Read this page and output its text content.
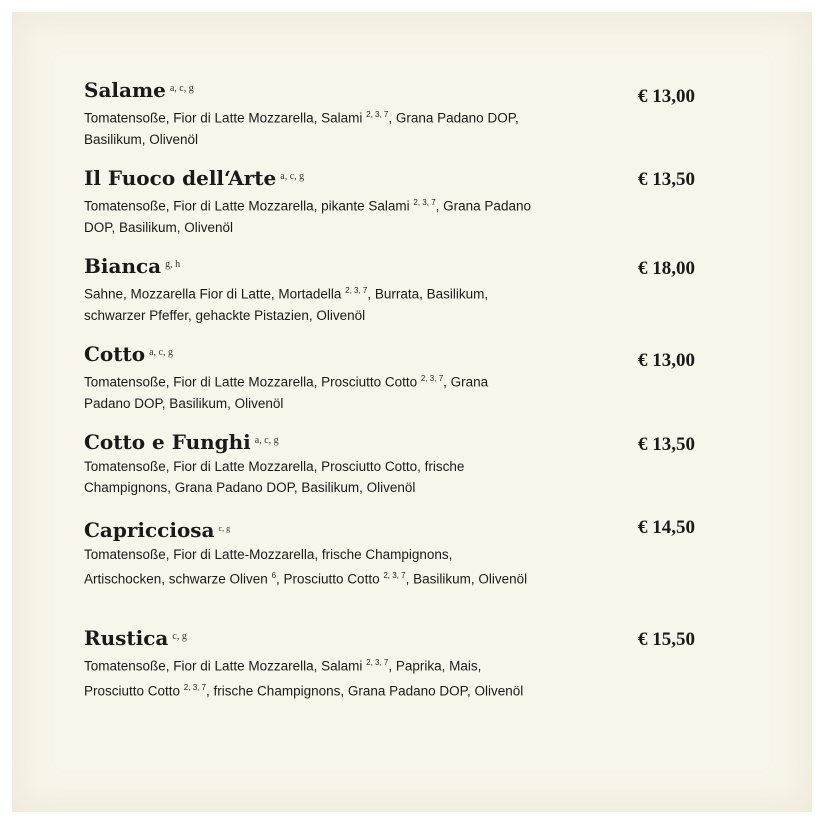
Salame $^{a, c, g}$
Tomatensoße, Fior di Latte Mozzarella, Salami $^{2, 3, 7}$, Grana Padano DOP, Basilikum, Olivenöl
€ 13,00
Il Fuoco dell‘Arte $^{a, c, g}$
Tomatensoße, Fior di Latte Mozzarella, pikante Salami $^{2, 3, 7}$, Grana Padano DOP, Basilikum, Olivenöl
€ 13,50
Bianca $^{g, h}$
Sahne, Mozzarella Fior di Latte, Mortadella $^{2, 3, 7}$, Burrata, Basilikum, schwarzer Pfeffer, gehackte Pistazien, Olivenöl
€ 18,00
Cotto $^{a, c, g}$
Tomatensoße, Fior di Latte Mozzarella, Prosciutto Cotto $^{2, 3, 7}$, Grana Padano DOP, Basilikum, Olivenöl
€ 13,00
Cotto e Funghi $^{a, c, g}$
Tomatensoße, Fior di Latte Mozzarella, Prosciutto Cotto, frische Champignons, Grana Padano DOP, Basilikum, Olivenöl
€ 13,50
Capricciosa $^{c, g}$
Tomatensoße, Fior di Latte-Mozzarella, frische Champignons, Artischocken, schwarze Oliven $^6$, Prosciutto Cotto $^{2, 3, 7}$, Basilikum, Olivenöl
€ 14,50
Rustica $^{c, g}$
Tomatensoße, Fior di Latte Mozzarella, Salami $^{2, 3, 7}$, Paprika, Mais, Prosciutto Cotto $^{2, 3, 7}$, frische Champignons, Grana Padano DOP, Olivenöl
€ 15,50
